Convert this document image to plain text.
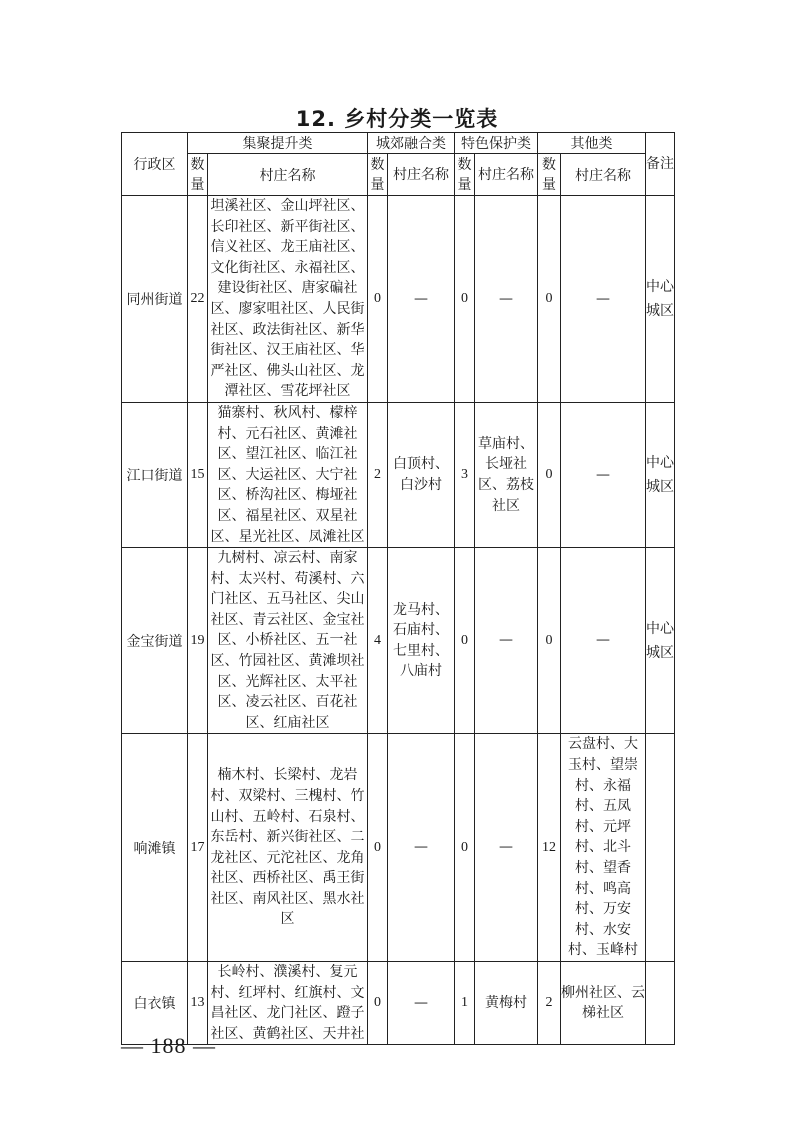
12. 乡村分类一览表
行政区	集聚提升类		城郊融合类		特色保护类		其他类		备注
	数量	村庄名称	数量	村庄名称	数量	村庄名称	数量	村庄名称	
同州街道	22	坦溪社区、金山坪社区、长印社区、新平街社区、信义社区、龙王庙社区、文化街社区、永福社区、建设街社区、唐家碥社区、廖家咀社区、人民街社区、政法街社区、新华街社区、汉王庙社区、华严社区、佛头山社区、龙潭社区、雪花坪社区	0	—	0	—	0	—	中心城区
江口街道	15	猫寨村、秋风村、檬梓村、元石社区、黄滩社区、望江社区、临江社区、大运社区、大宁社区、桥沟社区、梅垭社区、福星社区、双星社区、星光社区、凤滩社区	2	白顶村、白沙村	3	草庙村、长垭社区、荔枝社区	0	—	中心城区
金宝街道	19	九树村、凉云村、南家村、太兴村、苟溪村、六门社区、五马社区、尖山社区、青云社区、金宝社区、小桥社区、五一社区、竹园社区、黄滩坝社区、光辉社区、太平社区、凌云社区、百花社区、红庙社区	4	龙马村、石庙村、七里村、八庙村	0	—	0	—	中心城区
响滩镇	17	楠木村、长梁村、龙岩村、双梁村、三槐村、竹山村、五岭村、石泉村、东岳村、新兴街社区、二龙社区、元沱社区、龙角社区、西桥社区、禹王街社区、南风社区、黑水社区	0	—	0	—	12	云盘村、大玉村、望崇村、永福村、五凤村、元坪村、北斗村、望香村、鸣高村、万安村、水安村、玉峰村	
白衣镇	13	长岭村、濮溪村、复元村、红坪村、红旗村、文昌社区、龙门社区、蹬子社区、黄鹤社区、天井社	0	—	1	黄梅村	2	柳州社区、云梯社区	
— 188 —
